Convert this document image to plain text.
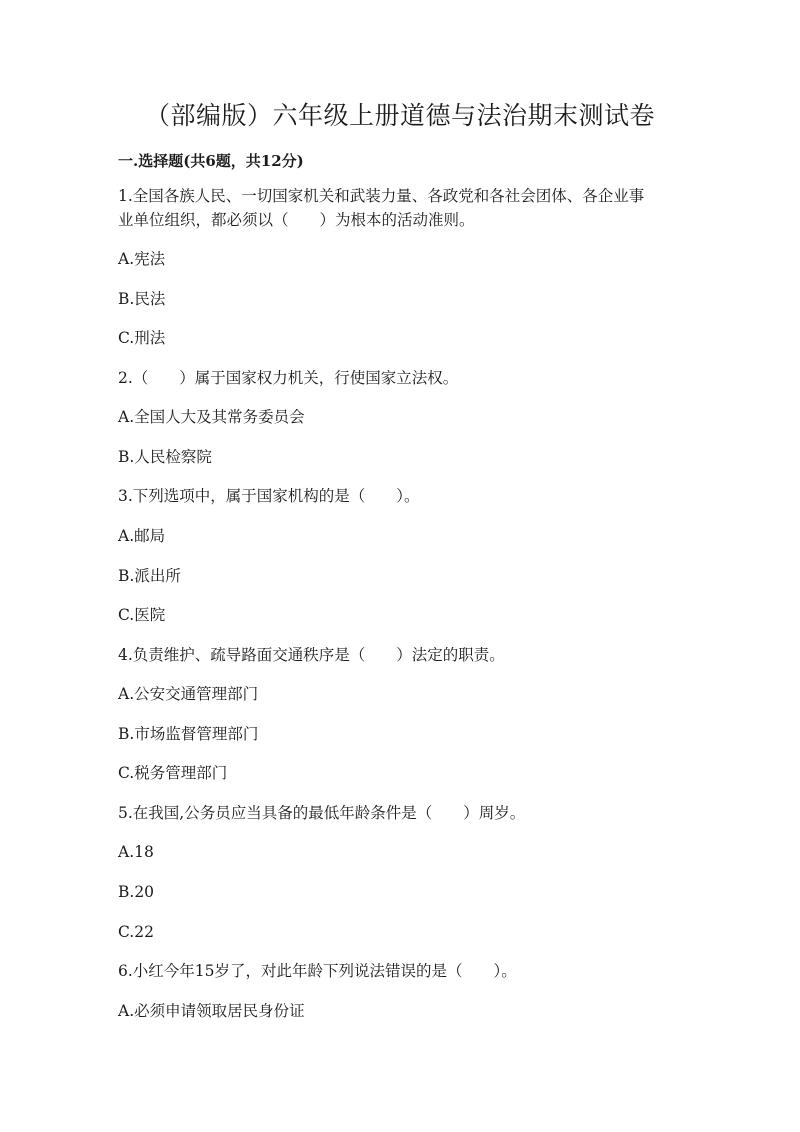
（部编版）六年级上册道德与法治期末测试卷

一.选择题(共6题，共12分)

1.全国各族人民、一切国家机关和武装力量、各政党和各社会团体、各企业事

业单位组织，都必须以（　　）为根本的活动准则。

A.宪法

B.民法

C.刑法

2.（　　）属于国家权力机关，行使国家立法权。

A.全国人大及其常务委员会

B.人民检察院

3.下列选项中，属于国家机构的是（　　）。

A.邮局

B.派出所

C.医院

4.负责维护、疏导路面交通秩序是（　　）法定的职责。

A.公安交通管理部门

B.市场监督管理部门

C.税务管理部门

5.在我国,公务员应当具备的最低年龄条件是（　　）周岁。

A.18

B.20

C.22

6.小红今年15岁了，对此年龄下列说法错误的是（　　）。

A.必须申请领取居民身份证
